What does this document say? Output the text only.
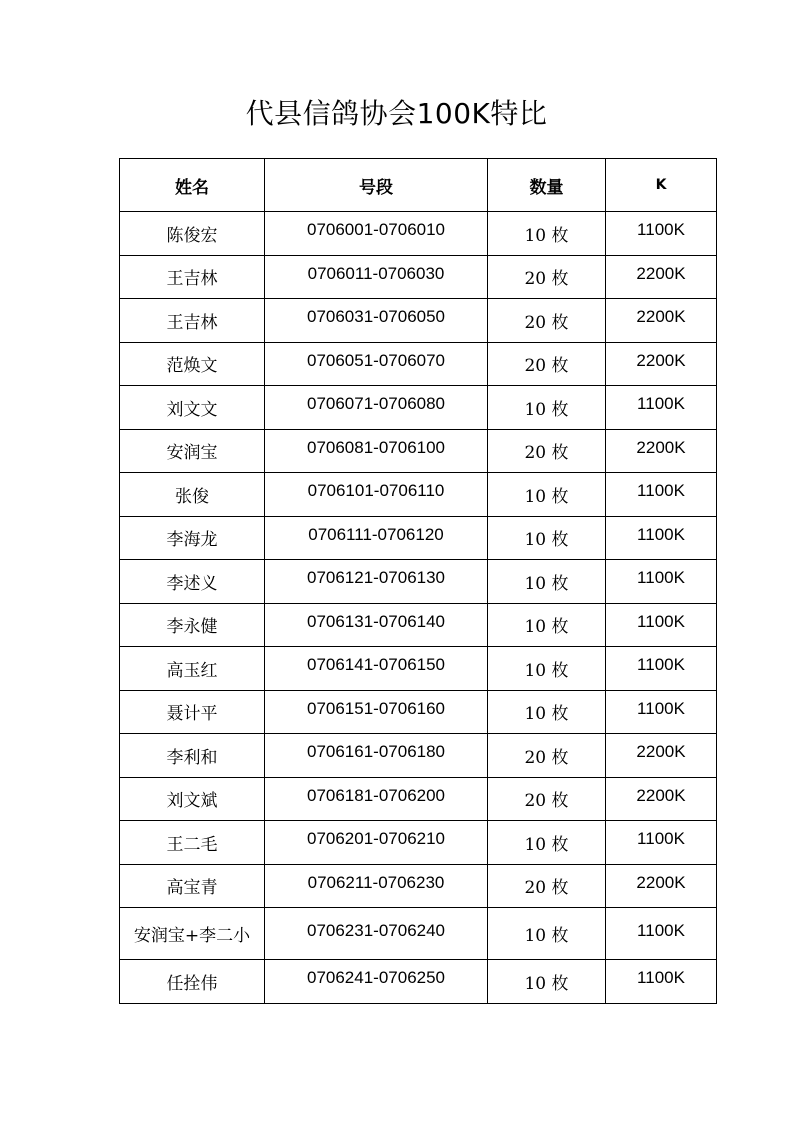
代县信鸽协会100K特比
姓名	号段	数量	K
陈俊宏	0706001-0706010	10 枚	1100K
王吉林	0706011-0706030	20 枚	2200K
王吉林	0706031-0706050	20 枚	2200K
范焕文	0706051-0706070	20 枚	2200K
刘文文	0706071-0706080	10 枚	1100K
安润宝	0706081-0706100	20 枚	2200K
张俊	0706101-0706110	10 枚	1100K
李海龙	0706111-0706120	10 枚	1100K
李述义	0706121-0706130	10 枚	1100K
李永健	0706131-0706140	10 枚	1100K
高玉红	0706141-0706150	10 枚	1100K
聂计平	0706151-0706160	10 枚	1100K
李利和	0706161-0706180	20 枚	2200K
刘文斌	0706181-0706200	20 枚	2200K
王二毛	0706201-0706210	10 枚	1100K
高宝青	0706211-0706230	20 枚	2200K
安润宝+李二小	0706231-0706240	10 枚	1100K
任拴伟	0706241-0706250	10 枚	1100K
